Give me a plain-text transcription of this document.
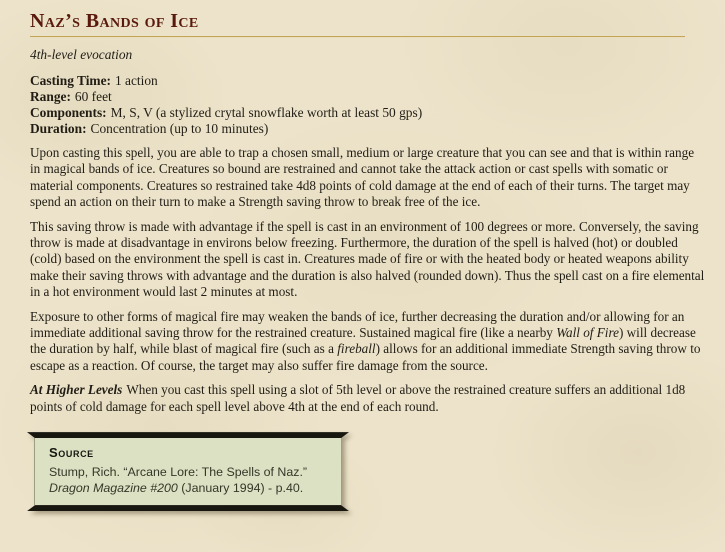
Naz’s Bands of Ice
4th-level evocation
Casting Time: 1 action
Range: 60 feet
Components: M, S, V (a stylized crytal snowflake worth at least 50 gps)
Duration: Concentration (up to 10 minutes)

Upon casting this spell, you are able to trap a chosen small, medium or large creature that you can see and that is within range in magical bands of ice. Creatures so bound are restrained and cannot take the attack action or cast spells with somatic or material components. Creatures so restrained take 4d8 points of cold damage at the end of each of their turns. The target may spend an action on their turn to make a Strength saving throw to break free of the ice.

This saving throw is made with advantage if the spell is cast in an environment of 100 degrees or more. Conversely, the saving throw is made at disadvantage in environs below freezing. Furthermore, the duration of the spell is halved (hot) or doubled (cold) based on the environment the spell is cast in. Creatures made of fire or with the heated body or heated weapons ability make their saving throws with advantage and the duration is also halved (rounded down). Thus the spell cast on a fire elemental in a hot environment would last 2 minutes at most.

Exposure to other forms of magical fire may weaken the bands of ice, further decreasing the duration and/or allowing for an immediate additional saving throw for the restrained creature. Sustained magical fire (like a nearby Wall of Fire) will decrease the duration by half, while blast of magical fire (such as a fireball) allows for an additional immediate Strength saving throw to escape as a reaction. Of course, the target may also suffer fire damage from the source.

At Higher Levels When you cast this spell using a slot of 5th level or above the restrained creature suffers an additional 1d8 points of cold damage for each spell level above 4th at the end of each round.

Source

Stump, Rich. “Arcane Lore: The Spells of Naz.” Dragon Magazine #200 (January 1994) - p.40.
